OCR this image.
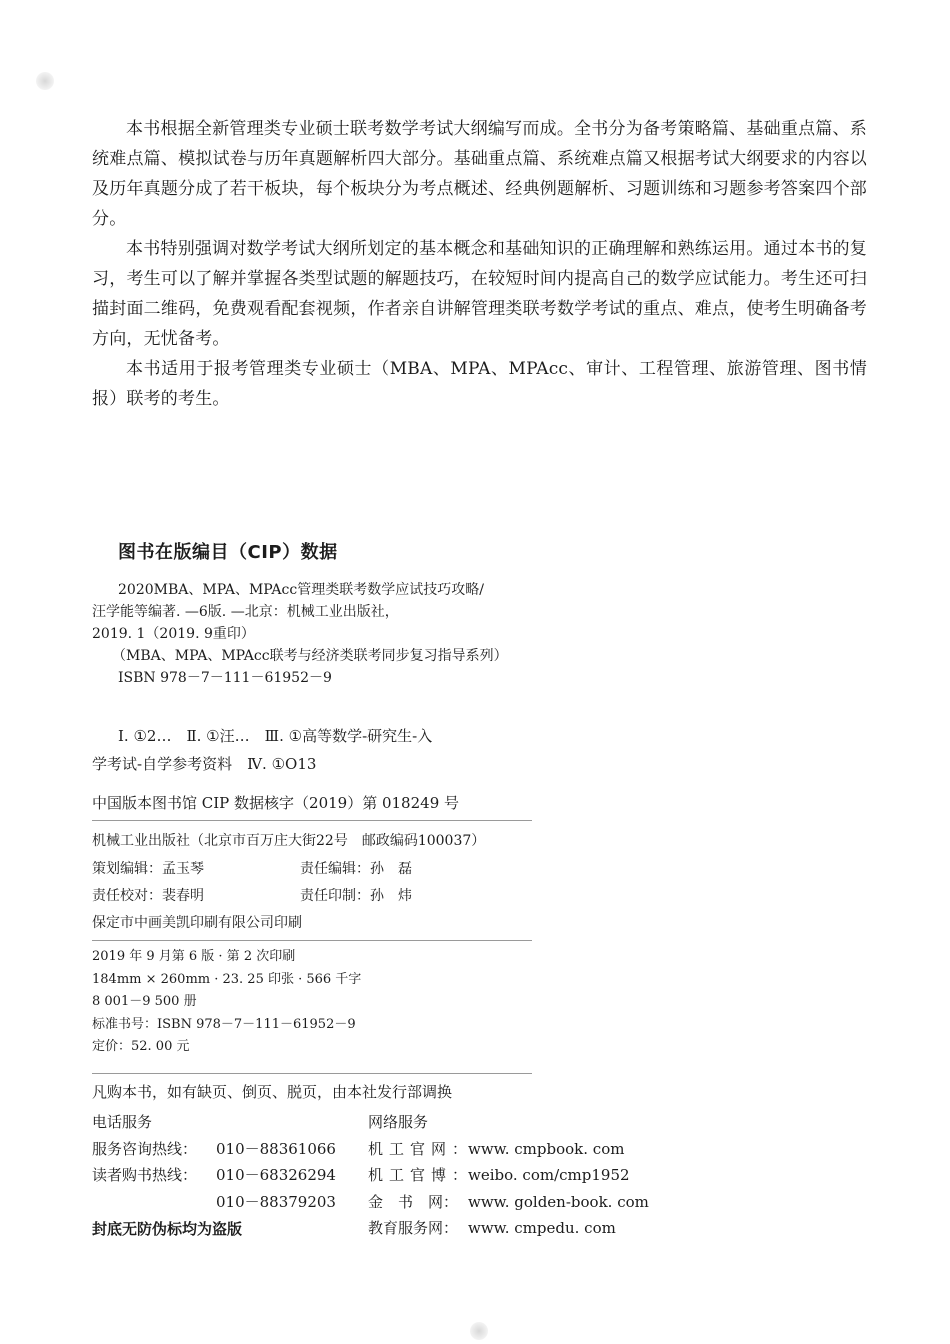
本书根据全新管理类专业硕士联考数学考试大纲编写而成。全书分为备考策略篇、基础重点篇、系统难点篇、模拟试卷与历年真题解析四大部分。基础重点篇、系统难点篇又根据考试大纲要求的内容以及历年真题分成了若干板块，每个板块分为考点概述、经典例题解析、习题训练和习题参考答案四个部分。

本书特别强调对数学考试大纲所划定的基本概念和基础知识的正确理解和熟练运用。通过本书的复习，考生可以了解并掌握各类型试题的解题技巧，在较短时间内提高自己的数学应试能力。考生还可扫描封面二维码，免费观看配套视频，作者亲自讲解管理类联考数学考试的重点、难点，使考生明确备考方向，无忧备考。

本书适用于报考管理类专业硕士（MBA、MPA、MPAcc、审计、工程管理、旅游管理、图书情报）联考的考生。

图书在版编目（CIP）数据
2020MBA、MPA、MPAcc管理类联考数学应试技巧攻略/
汪学能等编著. —6版. —北京：机械工业出版社，
2019. 1（2019. 9重印）
（MBA、MPA、MPAcc联考与经济类联考同步复习指导系列）
ISBN 978－7－111－61952－9
Ⅰ. ①2…　Ⅱ. ①汪…　Ⅲ. ①高等数学-研究生-入
学考试-自学参考资料　Ⅳ. ①O13

中国版本图书馆 CIP 数据核字（2019）第 018249 号

机械工业出版社（北京市百万庄大街22号　邮政编码100037）
策划编辑：孟玉琴	责任编辑：孙　磊
责任校对：裴春明	责任印制：孙　炜
保定市中画美凯印刷有限公司印刷
2019 年 9 月第 6 版 · 第 2 次印刷
184mm × 260mm · 23. 25 印张 · 566 千字
8 001－9 500 册
标准书号：ISBN 978－7－111－61952－9
定价：52. 00 元
凡购本书，如有缺页、倒页、脱页，由本社发行部调换
电话服务
服务咨询热线： 010－88361066
读者购书热线： 010－68326294
010－88379203
网络服务
机工官网：www. cmpbook. com
机工官博：weibo. com/cmp1952
金　书　网： www. golden-book. com
教育服务网： www. cmpedu. com

封底无防伪标均为盗版
